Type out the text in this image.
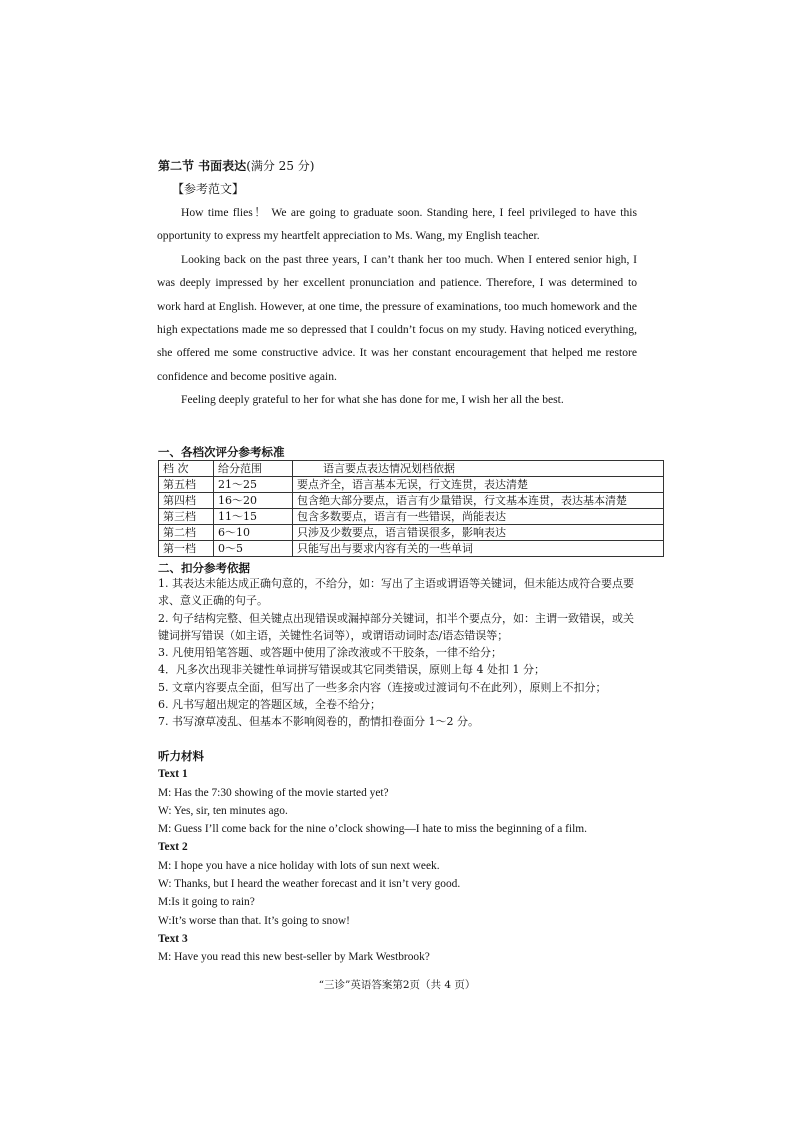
第二节 书面表达(满分 25 分)
【参考范文】

How time flies！ We are going to graduate soon. Standing here, I feel privileged to have this opportunity to express my heartfelt appreciation to Ms. Wang, my English teacher.

Looking back on the past three years, I can’t thank her too much. When I entered senior high, I was deeply impressed by her excellent pronunciation and patience. Therefore, I was determined to work hard at English. However, at one time, the pressure of examinations, too much homework and the high expectations made me so depressed that I couldn’t focus on my study. Having noticed everything, she offered me some constructive advice. It was her constant encouragement that helped me restore confidence and become positive again.

Feeling deeply grateful to her for what she has done for me, I wish her all the best.

一、各档次评分参考标准
档 次	给分范围	语言要点表达情况划档依据
第五档	21～25	要点齐全，语言基本无误，行文连贯，表达清楚
第四档	16～20	包含绝大部分要点，语言有少量错误，行文基本连贯，表达基本清楚
第三档	11～15	包含多数要点，语言有一些错误，尚能表达
第二档	6～10	只涉及少数要点，语言错误很多，影响表达
第一档	0～5	只能写出与要求内容有关的一些单词
二、扣分参考依据
1. 其表达未能达成正确句意的，不给分，如：写出了主语或谓语等关键词，但未能达成符合要点要求、意义正确的句子。
2. 句子结构完整、但关键点出现错误或漏掉部分关键词，扣半个要点分，如：主谓一致错误，或关键词拼写错误（如主语，关键性名词等），或谓语动词时态/语态错误等；
3. 凡使用铅笔答题、或答题中使用了涂改液或不干胶条，一律不给分；
4．凡多次出现非关键性单词拼写错误或其它同类错误，原则上每 4 处扣 1 分；
5. 文章内容要点全面，但写出了一些多余内容（连接或过渡词句不在此列），原则上不扣分；
6. 凡书写超出规定的答题区域，全卷不给分；
7. 书写潦草凌乱、但基本不影响阅卷的，酌情扣卷面分 1～2 分。
听力材料
Text 1
M: Has the 7:30 showing of the movie started yet?
W: Yes, sir, ten minutes ago.
M: Guess I’ll come back for the nine o’clock showing—I hate to miss the beginning of a film.
Text 2
M: I hope you have a nice holiday with lots of sun next week.
W: Thanks, but I heard the weather forecast and it isn’t very good.
M:Is it going to rain?
W:It’s worse than that. It’s going to snow!
Text 3
M: Have you read this new best-seller by Mark Westbrook?
“三诊”英语答案第2页（共 4 页）
